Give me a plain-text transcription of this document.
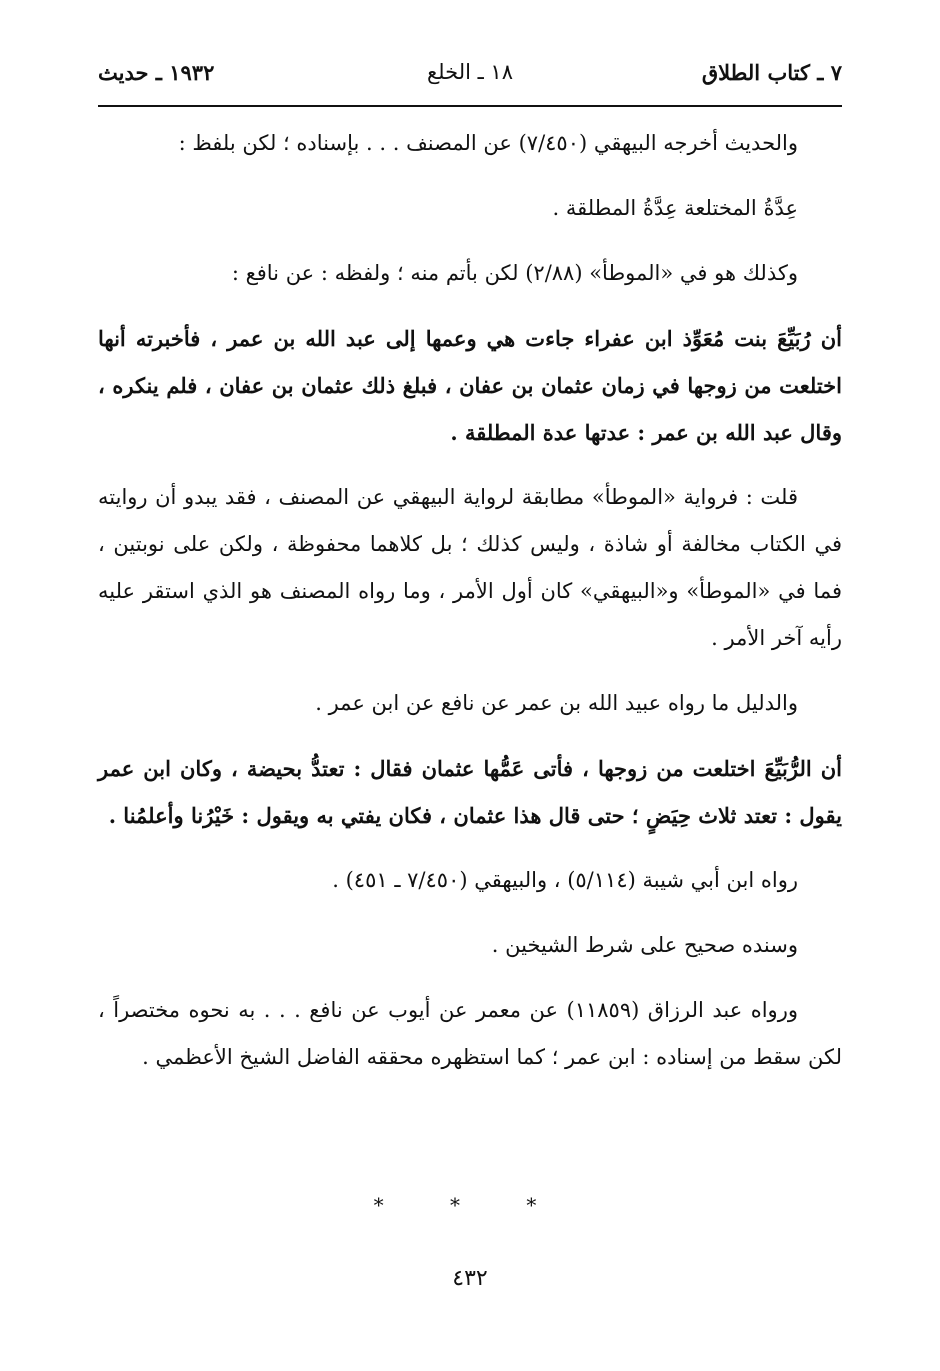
٧ ـ كتاب الطلاق
١٨ ـ الخلع
١٩٣٢ ـ حديث

والحديث أخرجه البيهقي (٧/٤٥٠) عن المصنف . . . بإسناده ؛ لكن بلفظ :

عِدَّةُ المختلعة عِدَّةُ المطلقة .

وكذلك هو في «الموطأ» (٢/٨٨) لكن بأتم منه ؛ ولفظه : عن نافع :

أن رُبَيِّعَ بنت مُعَوِّذ ابن عفراء جاءت هي وعمها إلى عبد الله بن عمر ، فأخبرته أنها اختلعت من زوجها في زمان عثمان بن عفان ، فبلغ ذلك عثمان بن عفان ، فلم ينكره ، وقال عبد الله بن عمر : عدتها عدة المطلقة .

قلت : فرواية «الموطأ» مطابقة لرواية البيهقي عن المصنف ، فقد يبدو أن روايته في الكتاب مخالفة أو شاذة ، وليس كذلك ؛ بل كلاهما محفوظة ، ولكن على نوبتين ، فما في «الموطأ» و«البيهقي» كان أول الأمر ، وما رواه المصنف هو الذي استقر عليه رأيه آخر الأمر .

والدليل ما رواه عبيد الله بن عمر عن نافع عن ابن عمر .

أن الرُّبَيِّعَ اختلعت من زوجها ، فأتى عَمُّها عثمان فقال : تعتدُّ بحيضة ، وكان ابن عمر يقول : تعتد ثلاث حِيَضٍ ؛ حتى قال هذا عثمان ، فكان يفتي به ويقول : خَيْرُنا وأعلمُنا .

رواه ابن أبي شيبة (٥/١١٤) ، والبيهقي (٧/٤٥٠ ـ ٤٥١) .

وسنده صحيح على شرط الشيخين .

ورواه عبد الرزاق (١١٨٥٩) عن معمر عن أيوب عن نافع . . . به نحوه مختصراً ، لكن سقط من إسناده : ابن عمر ؛ كما استظهره محققه الفاضل الشيخ الأعظمي .

* * *
٤٣٢
